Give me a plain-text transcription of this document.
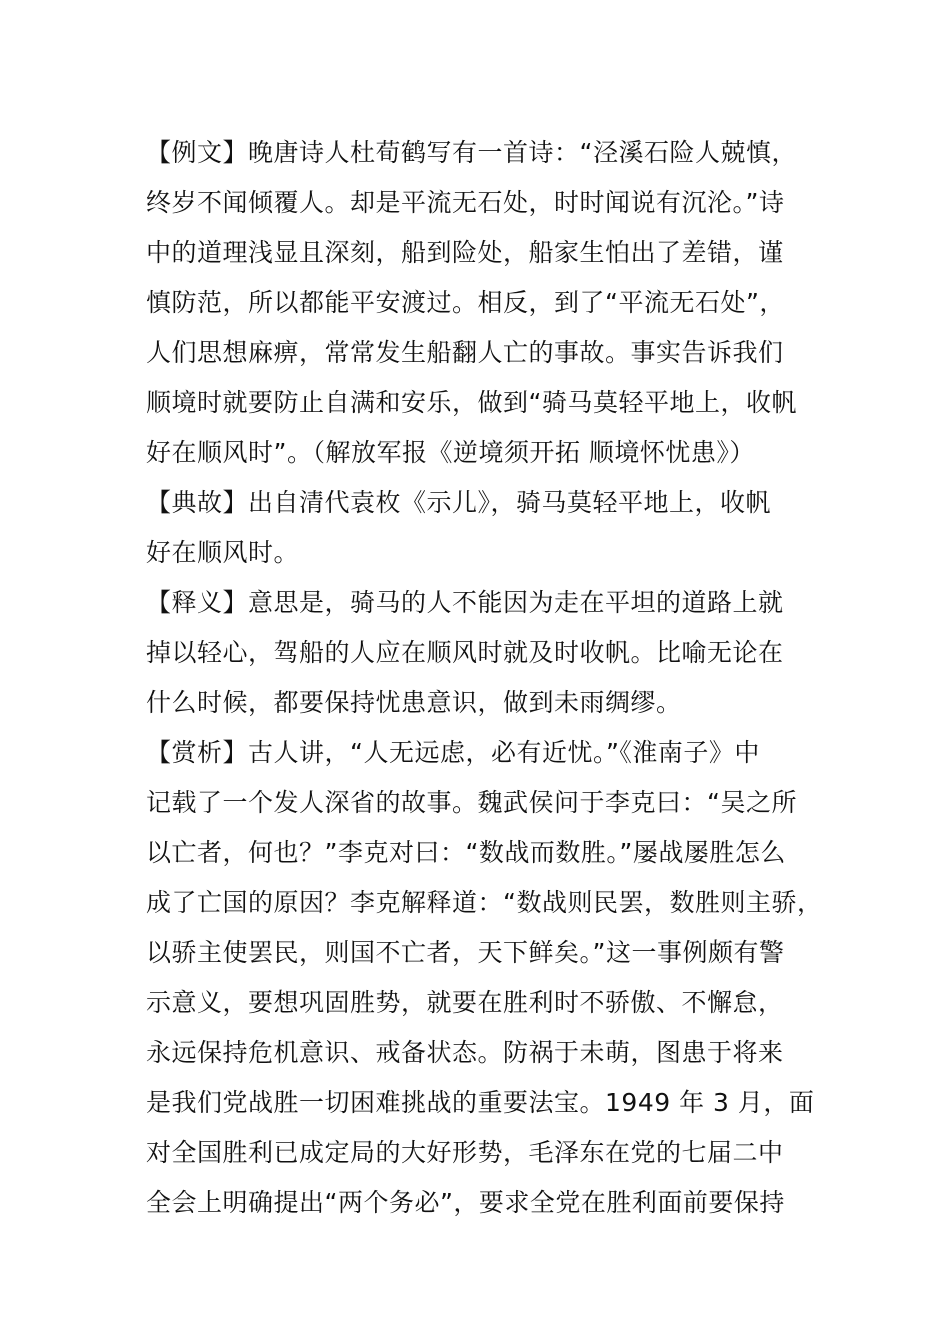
【例文】晚唐诗人杜荀鹤写有一首诗：“泾溪石险人兢慎，
终岁不闻倾覆人。却是平流无石处，时时闻说有沉沦。”诗
中的道理浅显且深刻，船到险处，船家生怕出了差错，谨
慎防范，所以都能平安渡过。相反，到了“平流无石处”，
人们思想麻痹，常常发生船翻人亡的事故。事实告诉我们
顺境时就要防止自满和安乐，做到“骑马莫轻平地上，收帆
好在顺风时”。（解放军报《逆境须开拓 顺境怀忧患》）
【典故】出自清代袁枚《示儿》，骑马莫轻平地上，收帆
好在顺风时。
【释义】意思是，骑马的人不能因为走在平坦的道路上就
掉以轻心，驾船的人应在顺风时就及时收帆。比喻无论在
什么时候，都要保持忧患意识，做到未雨绸缪。
【赏析】古人讲，“人无远虑，必有近忧。”《淮南子》中
记载了一个发人深省的故事。魏武侯问于李克曰：“吴之所
以亡者，何也？”李克对曰：“数战而数胜。”屡战屡胜怎么
成了亡国的原因？李克解释道：“数战则民罢，数胜则主骄，
以骄主使罢民，则国不亡者，天下鲜矣。”这一事例颇有警
示意义，要想巩固胜势，就要在胜利时不骄傲、不懈怠，
永远保持危机意识、戒备状态。防祸于未萌，图患于将来
是我们党战胜一切困难挑战的重要法宝。1949 年 3 月，面
对全国胜利已成定局的大好形势，毛泽东在党的七届二中
全会上明确提出“两个务必”，要求全党在胜利面前要保持
